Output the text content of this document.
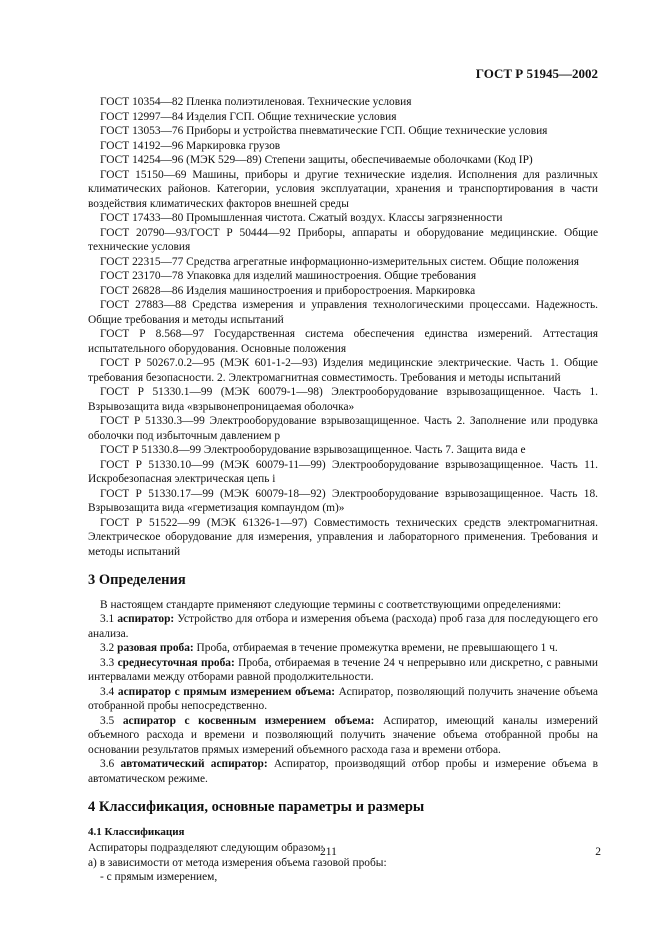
ГОСТ Р 51945—2002

ГОСТ 10354—82 Пленка полиэтиленовая. Технические условия

ГОСТ 12997—84 Изделия ГСП. Общие технические условия

ГОСТ 13053—76 Приборы и устройства пневматические ГСП. Общие технические условия

ГОСТ 14192—96 Маркировка грузов

ГОСТ 14254—96 (МЭК 529—89) Степени защиты, обеспечиваемые оболочками (Код IP)

ГОСТ 15150—69 Машины, приборы и другие технические изделия. Исполнения для различных климатических районов. Категории, условия эксплуатации, хранения и транспортирования в части воздействия климатических факторов внешней среды

ГОСТ 17433—80 Промышленная чистота. Сжатый воздух. Классы загрязненности

ГОСТ 20790—93/ГОСТ Р 50444—92 Приборы, аппараты и оборудование медицинские. Общие технические условия

ГОСТ 22315—77 Средства агрегатные информационно-измерительных систем. Общие положения

ГОСТ 23170—78 Упаковка для изделий машиностроения. Общие требования

ГОСТ 26828—86 Изделия машиностроения и приборостроения. Маркировка

ГОСТ 27883—88 Средства измерения и управления технологическими процессами. Надежность. Общие требования и методы испытаний

ГОСТ Р 8.568—97 Государственная система обеспечения единства измерений. Аттестация испытательного оборудования. Основные положения

ГОСТ Р 50267.0.2—95 (МЭК 601-1-2—93) Изделия медицинские электрические. Часть 1. Общие требования безопасности. 2. Электромагнитная совместимость. Требования и методы испытаний

ГОСТ Р 51330.1—99 (МЭК 60079-1—98) Электрооборудование взрывозащищенное. Часть 1. Взрывозащита вида «взрывонепроницаемая оболочка»

ГОСТ Р 51330.3—99 Электрооборудование взрывозащищенное. Часть 2. Заполнение или продувка оболочки под избыточным давлением p

ГОСТ Р 51330.8—99 Электрооборудование взрывозащищенное. Часть 7. Защита вида e

ГОСТ Р 51330.10—99 (МЭК 60079-11—99) Электрооборудование взрывозащищенное. Часть 11. Искробезопасная электрическая цепь i

ГОСТ Р 51330.17—99 (МЭК 60079-18—92) Электрооборудование взрывозащищенное. Часть 18. Взрывозащита вида «герметизация компаундом (m)»

ГОСТ Р 51522—99 (МЭК 61326-1—97) Совместимость технических средств электромагнитная. Электрическое оборудование для измерения, управления и лабораторного применения. Требования и методы испытаний

3 Определения

В настоящем стандарте применяют следующие термины с соответствующими определениями:

3.1 аспиратор: Устройство для отбора и измерения объема (расхода) проб газа для последующего его анализа.

3.2 разовая проба: Проба, отбираемая в течение промежутка времени, не превышающего 1 ч.

3.3 среднесуточная проба: Проба, отбираемая в течение 24 ч непрерывно или дискретно, с равными интервалами между отборами равной продолжительности.

3.4 аспиратор с прямым измерением объема: Аспиратор, позволяющий получить значение объема отобранной пробы непосредственно.

3.5 аспиратор с косвенным измерением объема: Аспиратор, имеющий каналы измерений объемного расхода и времени и позволяющий получить значение объема отобранной пробы на основании результатов прямых измерений объемного расхода газа и времени отбора.

3.6 автоматический аспиратор: Аспиратор, производящий отбор пробы и измерение объема в автоматическом режиме.

4 Классификация, основные параметры и размеры
4.1 Классификация

Аспираторы подразделяют следующим образом:

а) в зависимости от метода измерения объема газовой пробы:

- с прямым измерением,

211	2
